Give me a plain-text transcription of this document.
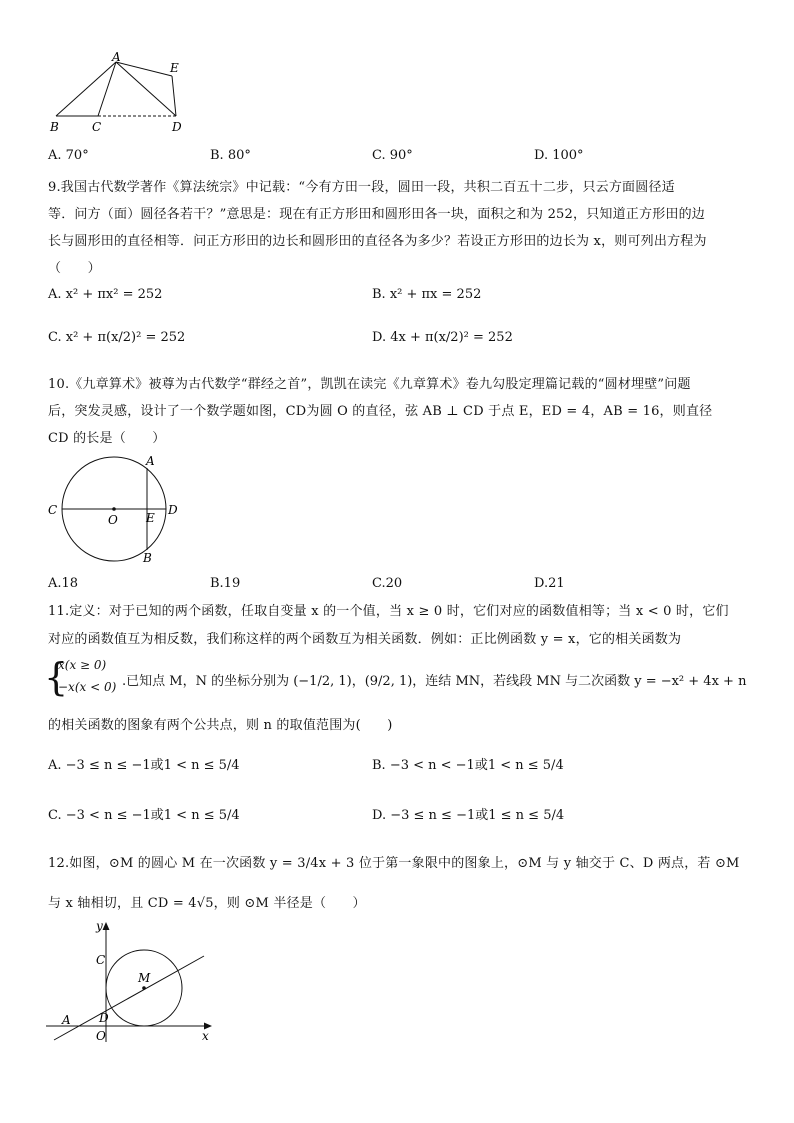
A
E
B	C	D
A. 70°	B. 80°	C. 90°	D. 100°
9.我国古代数学著作《算法统宗》中记载：“今有方田一段，圆田一段，共积二百五十二步，只云方面圆径适
等．问方（面）圆径各若干？”意思是：现在有正方形田和圆形田各一块，面积之和为 252，只知道正方形田的边
长与圆形田的直径相等．问正方形田的边长和圆形田的直径各为多少？若设正方形田的边长为 x，则可列出方程为
（　　）
A. x² + πx² = 252	B. x² + πx = 252
C. x² + π(x/2)² = 252	D. 4x + π(x/2)² = 252
10.《九章算术》被尊为古代数学“群经之首”，凯凯在读完《九章算术》卷九勾股定理篇记载的“圆材埋壁”问题
后，突发灵感，设计了一个数学题如图，CD为圆 O 的直径，弦 AB ⊥ CD 于点 E，ED = 4，AB = 16，则直径
CD 的长是（　　）
A
C
O E
D
B
A.18	B.19	C.20	D.21
11.定义：对于已知的两个函数，任取自变量 x 的一个值，当 x ≥ 0 时，它们对应的函数值相等；当 x < 0 时，它们
对应的函数值互为相反数，我们称这样的两个函数互为相关函数．例如：正比例函数 y = x，它的相关函数为
{
x(x ≥ 0)
−x(x < 0) .已知点 M，N 的坐标分别为 (−1/2, 1)，(9/2, 1)，连结 MN，若线段 MN 与二次函数 y = −x² + 4x + n
的相关函数的图象有两个公共点，则 n 的取值范围为(　　)
A. −3 ≤ n ≤ −1或1 < n ≤ 5/4	B. −3 < n < −1或1 < n ≤ 5/4
C. −3 < n ≤ −1或1 < n ≤ 5/4	D. −3 ≤ n ≤ −1或1 ≤ n ≤ 5/4
12.如图，⊙M 的圆心 M 在一次函数 y = 3/4x + 3 位于第一象限中的图象上，⊙M 与 y 轴交于 C、D 两点，若 ⊙M
与 x 轴相切，且 CD = 4√5，则 ⊙M 半径是（　　）
y
C
M
D
A
O	x
